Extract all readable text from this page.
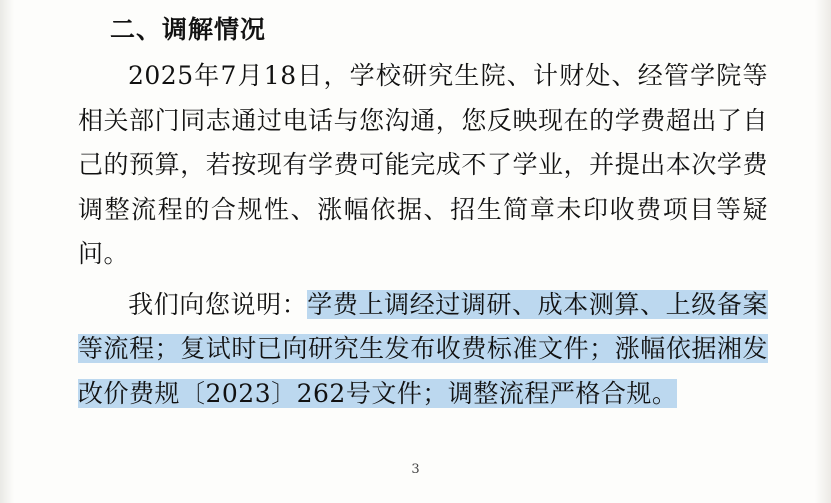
二、调解情况

2025年7月18日，学校研究生院、计财处、经管学院等相关部门同志通过电话与您沟通，您反映现在的学费超出了自己的预算，若按现有学费可能完成不了学业，并提出本次学费调整流程的合规性、涨幅依据、招生简章未印收费项目等疑问。

我们向您说明：学费上调经过调研、成本测算、上级备案等流程；复试时已向研究生发布收费标准文件；涨幅依据湘发改价费规〔2023〕262号文件；调整流程严格合规。

3
